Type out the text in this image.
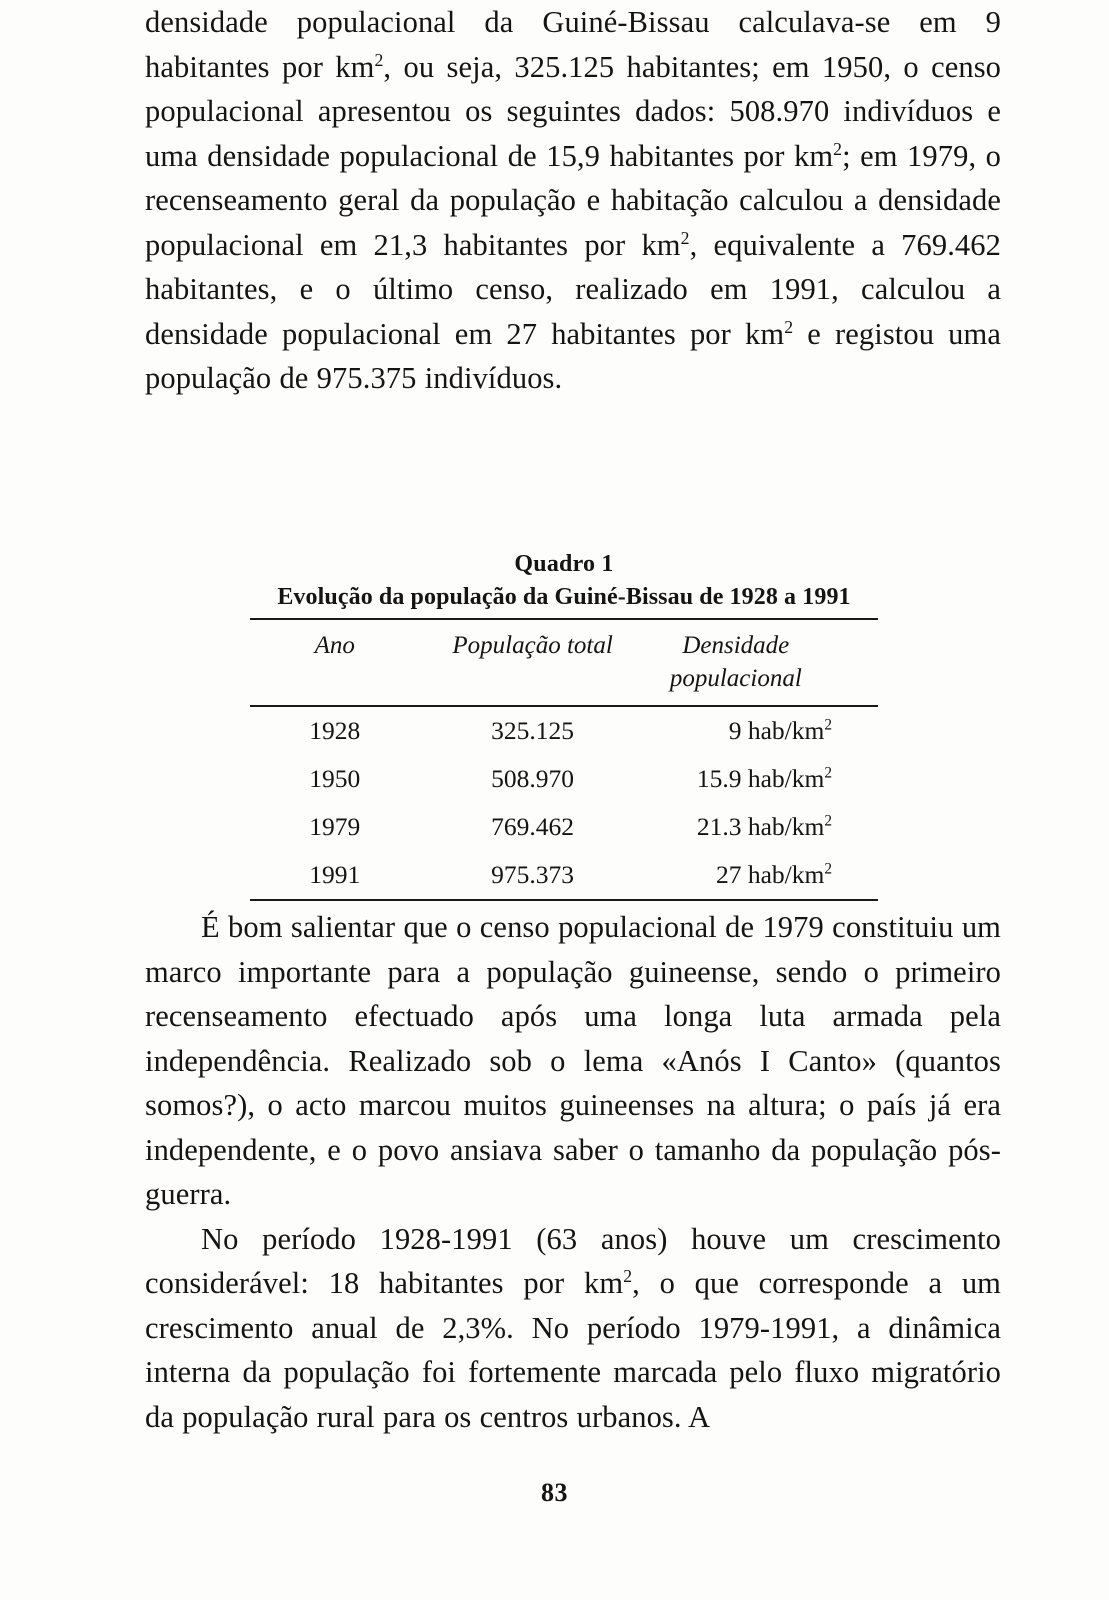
densidade populacional da Guiné-Bissau calculava-se em 9 habitantes por $km^2$, ou seja, 325.125 habitantes; em 1950, o censo populacional apresentou os seguintes dados: 508.970 indivíduos e uma densidade populacional de 15,9 habitantes por $km^2$; em 1979, o recenseamento geral da população e habitação calculou a densidade populacional em 21,3 habitantes por $km^2$, equivalente a 769.462 habitantes, e o último censo, realizado em 1991, calculou a densidade populacional em 27 habitantes por $km^2$ e registou uma população de 975.375 indivíduos.

Quadro 1

Evolução da população da Guiné-Bissau de 1928 a 1991

Ano	População total	Densidade
populacional

1928	325.125	9 hab/$km^2$
1950	508.970	15.9 hab/$km^2$
1979	769.462	21.3 hab/$km^2$
1991	975.373	27 hab/$km^2$

É bom salientar que o censo populacional de 1979 constituiu um marco importante para a população guineense, sendo o primeiro recenseamento efectuado após uma longa luta armada pela independência. Realizado sob o lema «Anós I Canto» (quantos somos?), o acto marcou muitos guineenses na altura; o país já era independente, e o povo ansiava saber o tamanho da população pós-guerra.

No período 1928-1991 (63 anos) houve um crescimento considerável: 18 habitantes por $km^2$, o que corresponde a um crescimento anual de 2,3%. No período 1979-1991, a dinâmica interna da população foi fortemente marcada pelo fluxo migratório da população rural para os centros urbanos. A

83
